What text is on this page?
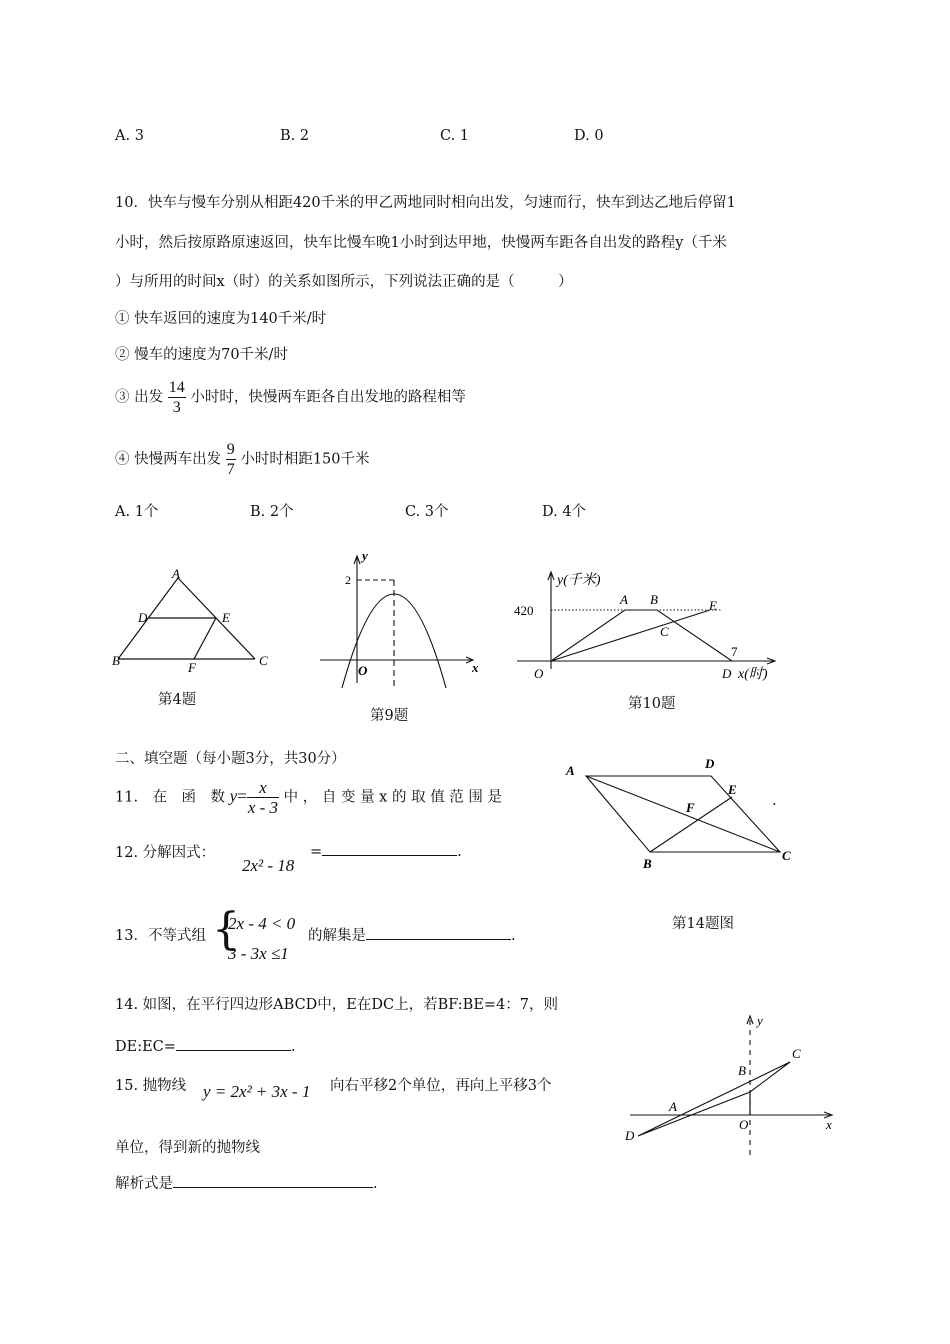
A. 3	B. 2	C. 1	D. 0
10．快车与慢车分别从相距420千米的甲乙两地同时相向出发，匀速而行，快车到达乙地后停留1
小时，然后按原路原速返回，快车比慢车晚1小时到达甲地，快慢两车距各自出发的路程y（千米
）与所用的时间x（时）的关系如图所示，下列说法正确的是（　　　）
① 快车返回的速度为140千米/时
② 慢车的速度为70千米/时
③ 出发 $\frac{14}{3}$ 小时时，快慢两车距各自出发地的路程相等
④ 快慢两车出发 $\frac{9}{7}$ 小时时相距150千米
A. 1个	B. 2个	C. 3个	D. 4个
A
D	E
B	F	C
第4题
y
2
O	x
第9题
y(千米)
420
A B	E
C
O
7
D x(时)
第10题
二、填空题（每小题3分，共30分）
11.　在　函　数 $y= \frac{x}{x - 3}$ 中 ， 自 变 量 x 的 取 值 范 围 是	.
12. 分解因式：
2x² - 18
=	.
13．不等式组 {
2x - 4 < 0
3 - 3x ≤1
的解集是	.
14. 如图，在平行四边形ABCD中，E在DC上，若BF:BE=4：7，则
DE:EC=	.
15. 抛物线 y = 2x² + 3x - 1 向右平移2个单位，再向上平移3个
单位，得到新的抛物线
解析式是	.
A	D
E
F
B
C
第14题图
y
C
B
A
O	x
D
